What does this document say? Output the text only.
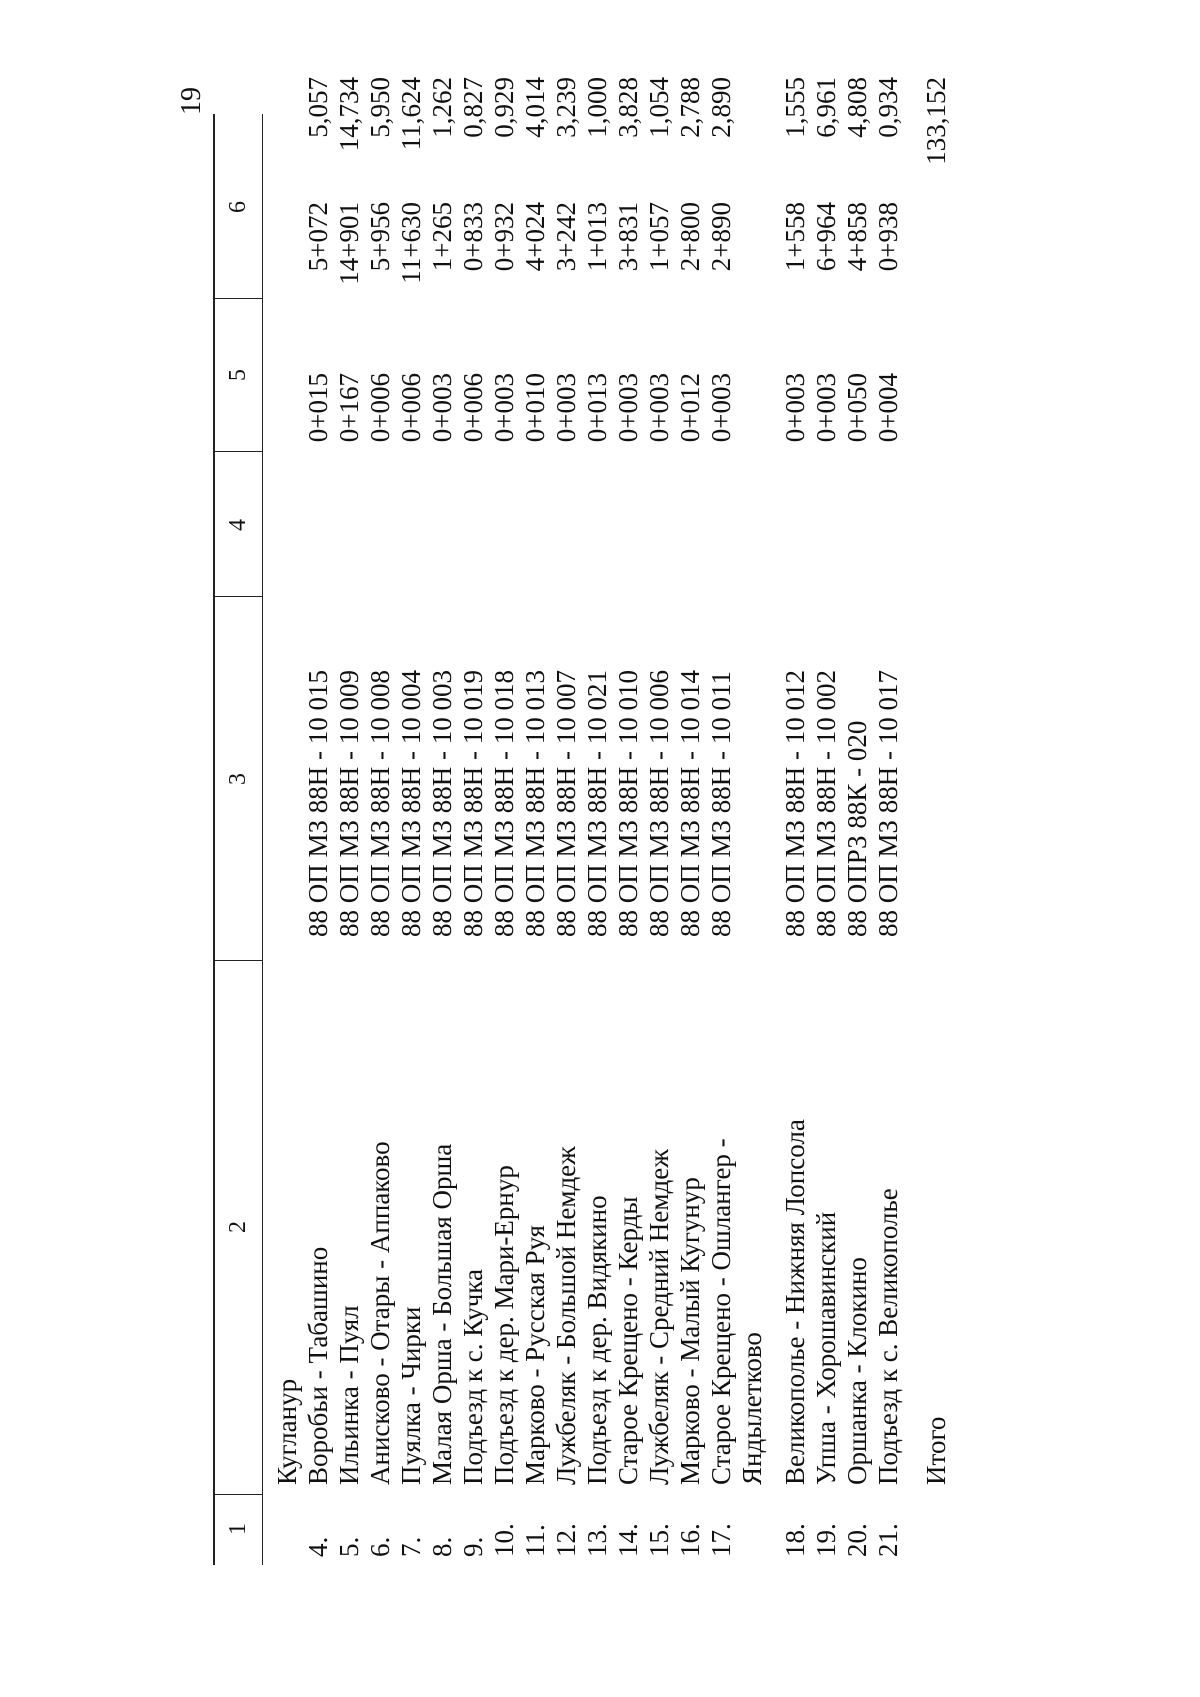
19
1
2
3
4
5
6
Кугланур
4.
Воробьи - Табашино
88 ОП МЗ 88Н - 10 015
0+015
5+072
5,057
5.
Ильинка - Пуял
88 ОП МЗ 88Н - 10 009
0+167
14+901
14,734
6.
Анисково - Отары - Аппаково
88 ОП МЗ 88Н - 10 008
0+006
5+956
5,950
7.
Пуялка - Чирки
88 ОП МЗ 88Н - 10 004
0+006
11+630
11,624
8.
Малая Орша - Большая Орша
88 ОП МЗ 88Н - 10 003
0+003
1+265
1,262
9.
Подъезд к с. Кучка
88 ОП МЗ 88Н - 10 019
0+006
0+833
0,827
10.
Подъезд к дер. Мари-Ернур
88 ОП МЗ 88Н - 10 018
0+003
0+932
0,929
11.
Марково - Русская Руя
88 ОП МЗ 88Н - 10 013
0+010
4+024
4,014
12.
Лужбеляк - Большой Немдеж
88 ОП МЗ 88Н - 10 007
0+003
3+242
3,239
13.
Подъезд к дер. Видякино
88 ОП МЗ 88Н - 10 021
0+013
1+013
1,000
14.
Старое Крещено - Керды
88 ОП МЗ 88Н - 10 010
0+003
3+831
3,828
15.
Лужбеляк - Средний Немдеж
88 ОП МЗ 88Н - 10 006
0+003
1+057
1,054
16.
Марково - Малый Кугунур
88 ОП МЗ 88Н - 10 014
0+012
2+800
2,788
17.
Старое Крещено - Ошлангер -
88 ОП МЗ 88Н - 10 011
0+003
2+890
2,890
Яндылетково
18.
Великополье - Нижняя Лопсола
88 ОП МЗ 88Н - 10 012
0+003
1+558
1,555
19.
Упша - Хорошавинский
88 ОП МЗ 88Н - 10 002
0+003
6+964
6,961
20.
Оршанка - Клокино
88 ОПРЗ 88К - 020
0+050
4+858
4,808
21.
Подъезд к с. Великополье
88 ОП МЗ 88Н - 10 017
0+004
0+938
0,934
Итого
133,152
